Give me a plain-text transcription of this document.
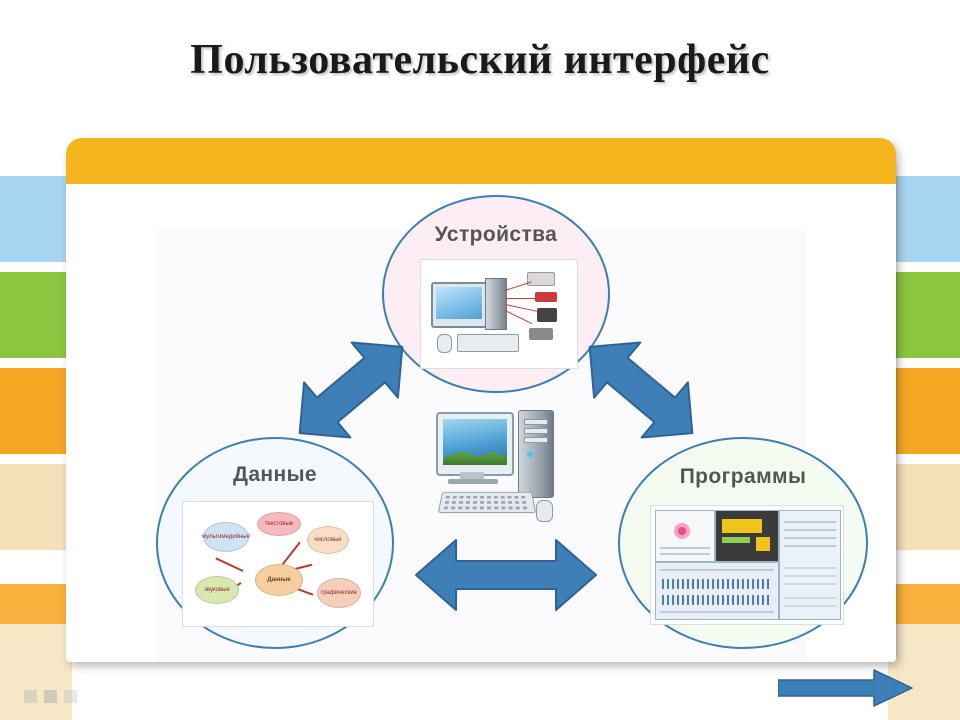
Пользовательский интерфейс
Устройства
Данные
мультимедийные
текстовые
числовые
Данные
графические
звуковые
Программы
